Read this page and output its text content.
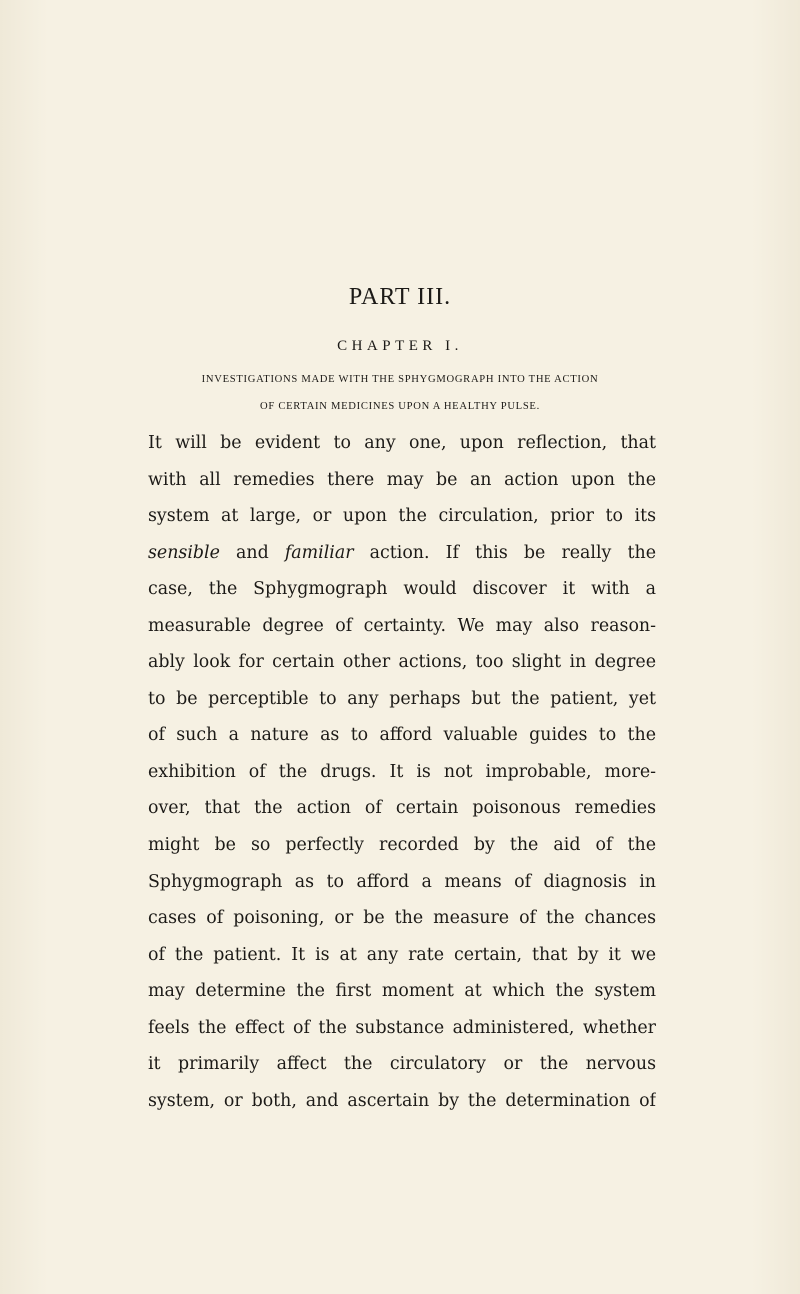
PART III.
CHAPTER I.
INVESTIGATIONS MADE WITH THE SPHYGMOGRAPH INTO THE ACTION
OF CERTAIN MEDICINES UPON A HEALTHY PULSE.
It will be evident to any one, upon reflection, that
with all remedies there may be an action upon the
system at large, or upon the circulation, prior to its
sensible and familiar action. If this be really the
case, the Sphygmograph would discover it with a
measurable degree of certainty. We may also reason-
ably look for certain other actions, too slight in degree
to be perceptible to any perhaps but the patient, yet
of such a nature as to afford valuable guides to the
exhibition of the drugs. It is not improbable, more-
over, that the action of certain poisonous remedies
might be so perfectly recorded by the aid of the
Sphygmograph as to afford a means of diagnosis in
cases of poisoning, or be the measure of the chances
of the patient. It is at any rate certain, that by it we
may determine the first moment at which the system
feels the effect of the substance administered, whether
it primarily affect the circulatory or the nervous
system, or both, and ascertain by the determination of
